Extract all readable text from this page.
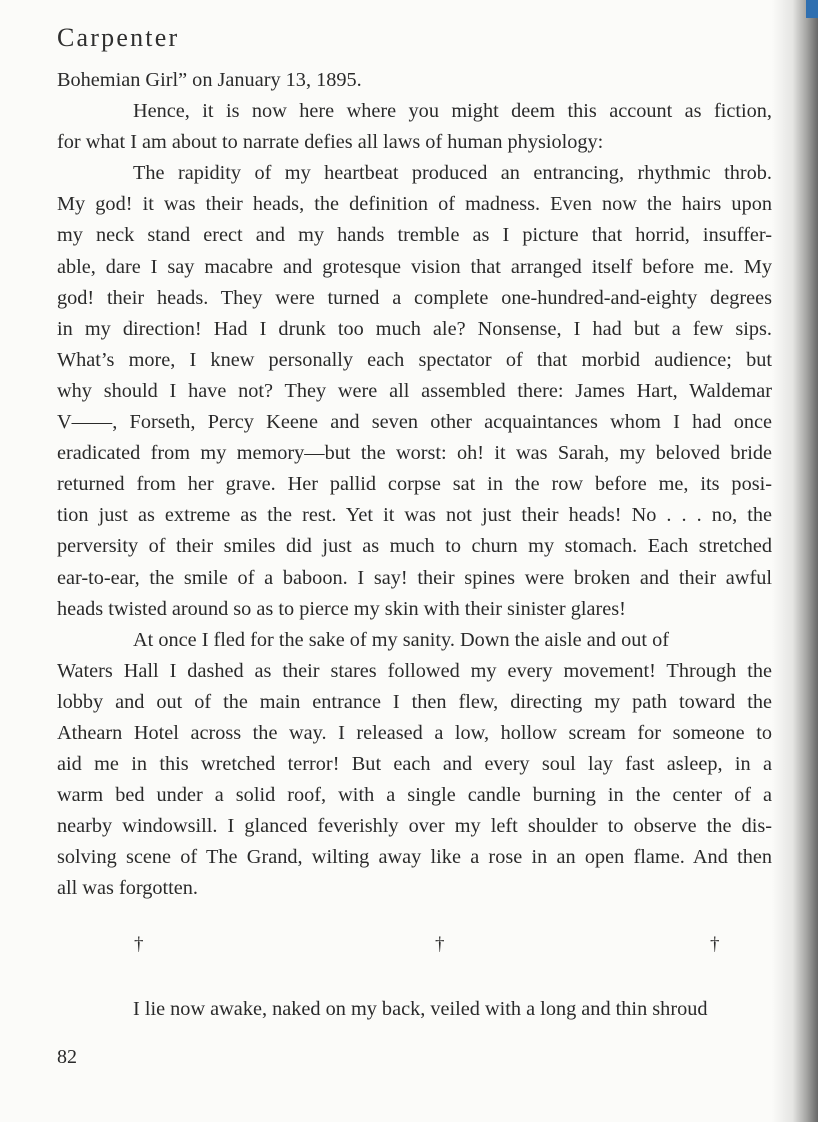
Carpenter
Bohemian Girl” on January 13, 1895.
Hence, it is now here where you might deem this account as fiction,
for what I am about to narrate defies all laws of human physiology:
The rapidity of my heartbeat produced an entrancing, rhythmic throb.
My god! it was their heads, the definition of madness. Even now the hairs upon
my neck stand erect and my hands tremble as I picture that horrid, insuffer-
able, dare I say macabre and grotesque vision that arranged itself before me. My
god! their heads. They were turned a complete one-hundred-and-eighty degrees
in my direction! Had I drunk too much ale? Nonsense, I had but a few sips.
What’s more, I knew personally each spectator of that morbid audience; but
why should I have not? They were all assembled there: James Hart, Waldemar
V——, Forseth, Percy Keene and seven other acquaintances whom I had once
eradicated from my memory—but the worst: oh! it was Sarah, my beloved bride
returned from her grave. Her pallid corpse sat in the row before me, its posi-
tion just as extreme as the rest. Yet it was not just their heads! No . . . no, the
perversity of their smiles did just as much to churn my stomach. Each stretched
ear-to-ear, the smile of a baboon. I say! their spines were broken and their awful
heads twisted around so as to pierce my skin with their sinister glares!
At once I fled for the sake of my sanity. Down the aisle and out of
Waters Hall I dashed as their stares followed my every movement! Through the
lobby and out of the main entrance I then flew, directing my path toward the
Athearn Hotel across the way. I released a low, hollow scream for someone to
aid me in this wretched terror! But each and every soul lay fast asleep, in a
warm bed under a solid roof, with a single candle burning in the center of a
nearby windowsill. I glanced feverishly over my left shoulder to observe the dis-
solving scene of The Grand, wilting away like a rose in an open flame. And then
all was forgotten.
†	†	†
I lie now awake, naked on my back, veiled with a long and thin shroud
82
